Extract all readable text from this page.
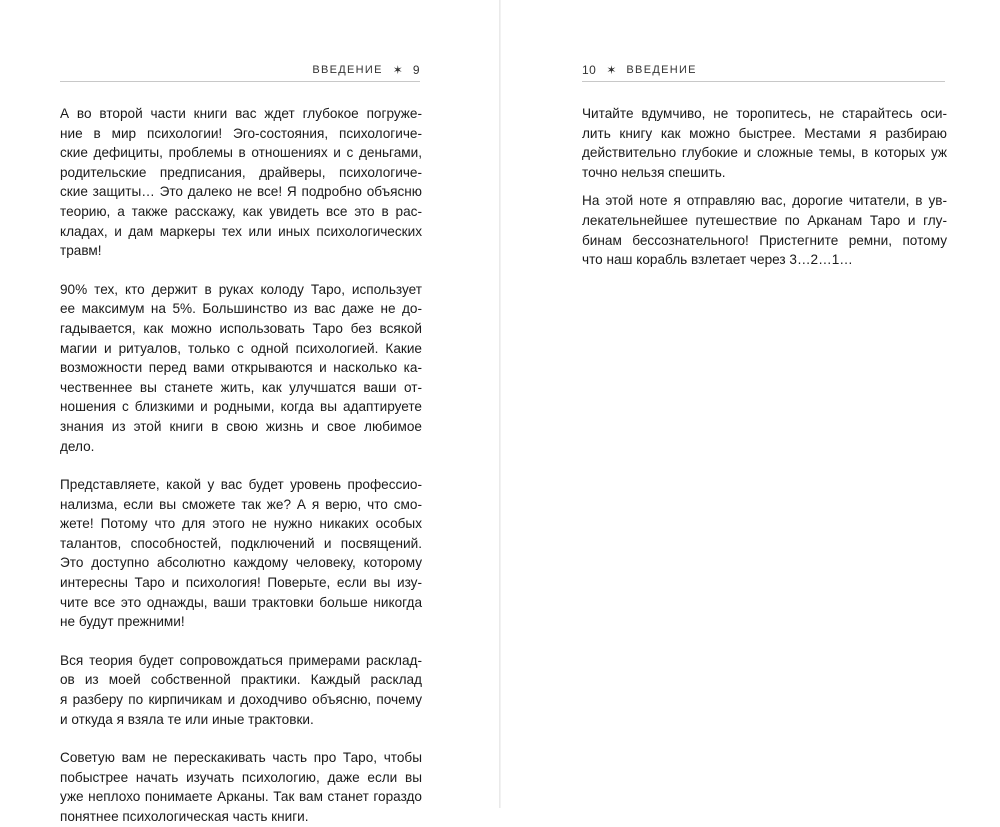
ВВЕДЕНИЕ ✶ 9

А во второй части книги вас ждет глубокое погруже-
ние в мир психологии! Эго-состояния, психологиче-
ские дефициты, проблемы в отношениях и с деньгами,
родительские предписания, драйверы, психологиче-
ские защиты… Это далеко не все! Я подробно объясню
теорию, а также расскажу, как увидеть все это в рас-
кладах, и дам маркеры тех или иных психологических
травм!

90% тех, кто держит в руках колоду Таро, использует
ее максимум на 5%. Большинство из вас даже не до-
гадывается, как можно использовать Таро без всякой
магии и ритуалов, только с одной психологией. Какие
возможности перед вами открываются и насколько ка-
чественнее вы станете жить, как улучшатся ваши от-
ношения с близкими и родными, когда вы адаптируете
знания из этой книги в свою жизнь и свое любимое
дело.

Представляете, какой у вас будет уровень профессио-
нализма, если вы сможете так же? А я верю, что смо-
жете! Потому что для этого не нужно никаких особых
талантов, способностей, подключений и посвящений.
Это доступно абсолютно каждому человеку, которому
интересны Таро и психология! Поверьте, если вы изу-
чите все это однажды, ваши трактовки больше никогда
не будут прежними!

Вся теория будет сопровождаться примерами расклад-
ов из моей собственной практики. Каждый расклад
я разберу по кирпичикам и доходчиво объясню, почему
и откуда я взяла те или иные трактовки.

Советую вам не перескакивать часть про Таро, чтобы
побыстрее начать изучать психологию, даже если вы
уже неплохо понимаете Арканы. Так вам станет гораздо
понятнее психологическая часть книги.

10 ✶ ВВЕДЕНИЕ

Читайте вдумчиво, не торопитесь, не старайтесь оси-
лить книгу как можно быстрее. Местами я разбираю
действительно глубокие и сложные темы, в которых уж
точно нельзя спешить.

На этой ноте я отправляю вас, дорогие читатели, в ув-
лекательнейшее путешествие по Арканам Таро и глу-
бинам бессознательного! Пристегните ремни, потому
что наш корабль взлетает через 3…2…1…
